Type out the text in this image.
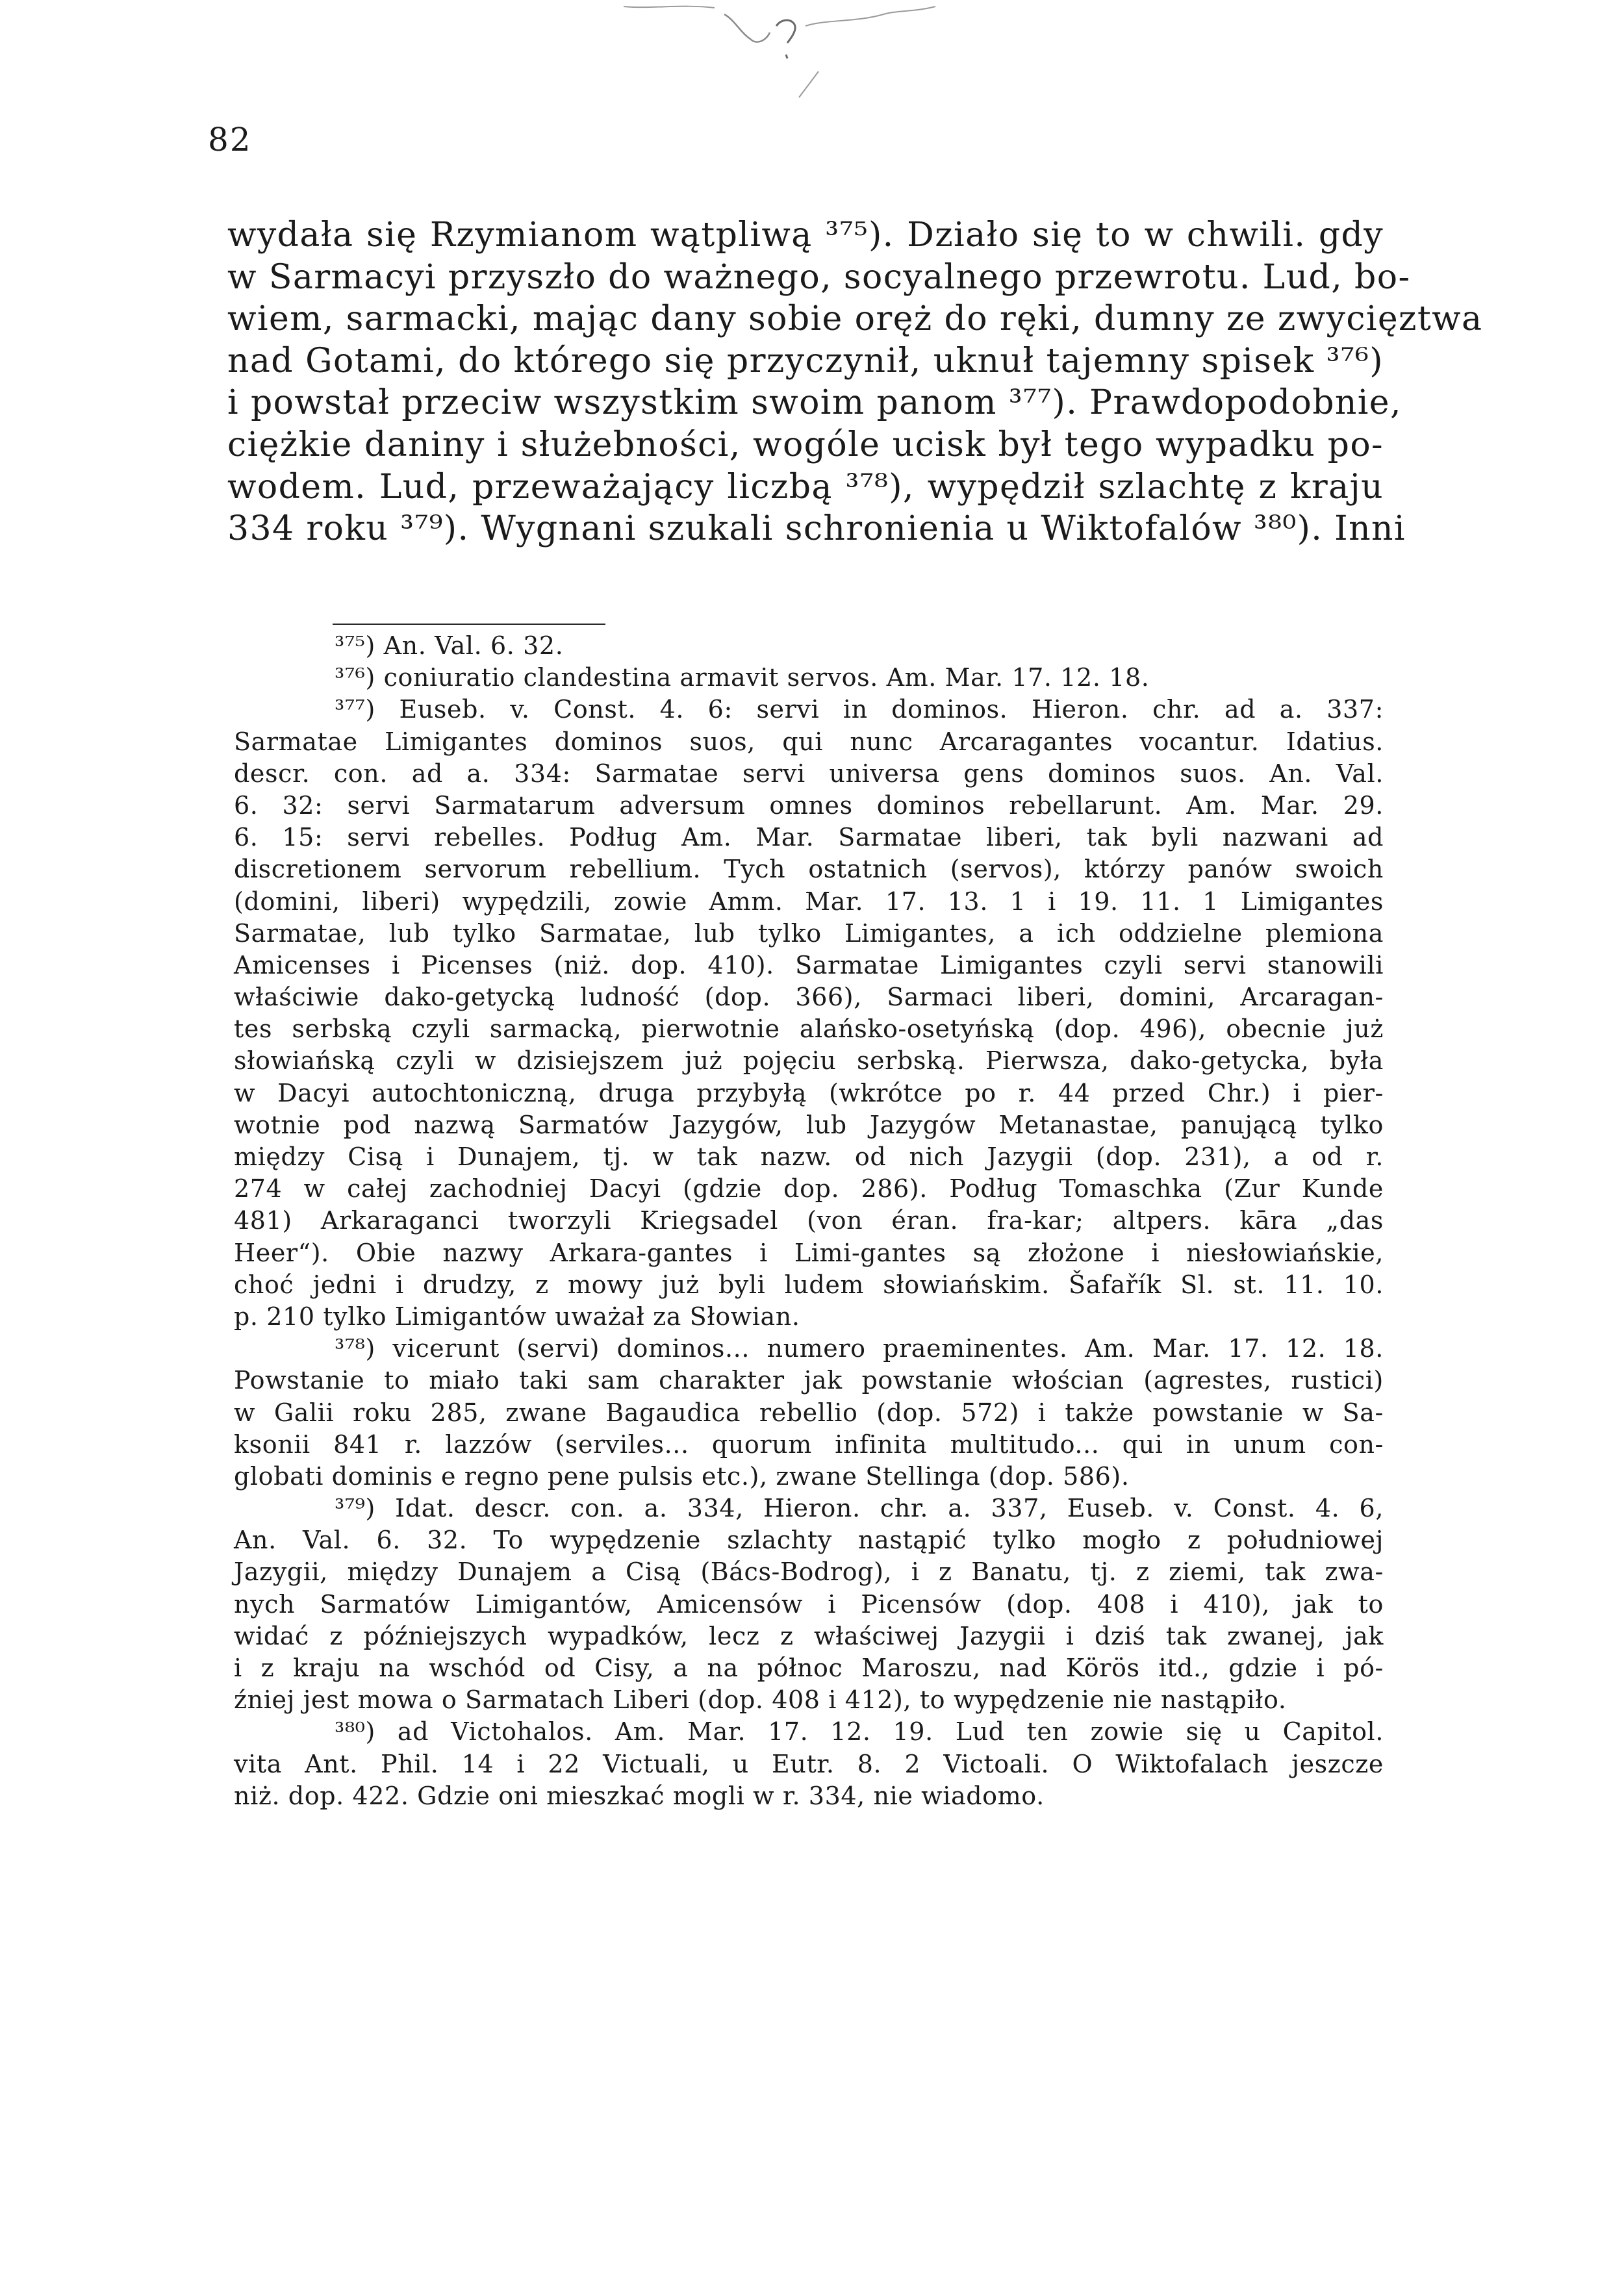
82
wydała się Rzymianom wątpliwą ³⁷⁵). Działo się to w chwili. gdy
w Sarmacyi przyszło do ważnego, socyalnego przewrotu. Lud, bo-
wiem, sarmacki, mając dany sobie oręż do ręki, dumny ze zwycięztwa
nad Gotami, do którego się przyczynił, uknuł tajemny spisek ³⁷⁶)
i powstał przeciw wszystkim swoim panom ³⁷⁷). Prawdopodobnie,
ciężkie daniny i służebności, wogóle ucisk był tego wypadku po-
wodem. Lud, przeważający liczbą ³⁷⁸), wypędził szlachtę z kraju
334 roku ³⁷⁹). Wygnani szukali schronienia u Wiktofalów ³⁸⁰). Inni
³⁷⁵) An. Val. 6. 32.
³⁷⁶) coniuratio clandestina armavit servos. Am. Mar. 17. 12. 18.
³⁷⁷) Euseb. v. Const. 4. 6: servi in dominos. Hieron. chr. ad a. 337:
Sarmatae Limigantes dominos suos, qui nunc Arcaragantes vocantur. Idatius.
descr. con. ad a. 334: Sarmatae servi universa gens dominos suos. An. Val.
6. 32: servi Sarmatarum adversum omnes dominos rebellarunt. Am. Mar. 29.
6. 15: servi rebelles. Podług Am. Mar. Sarmatae liberi, tak byli nazwani ad
discretionem servorum rebellium. Tych ostatnich (servos), którzy panów swoich
(domini, liberi) wypędzili, zowie Amm. Mar. 17. 13. 1 i 19. 11. 1 Limigantes
Sarmatae, lub tylko Sarmatae, lub tylko Limigantes, a ich oddzielne plemiona
Amicenses i Picenses (niż. dop. 410). Sarmatae Limigantes czyli servi stanowili
właściwie dako-getycką ludność (dop. 366), Sarmaci liberi, domini, Arcaragan-
tes serbską czyli sarmacką, pierwotnie alańsko-osetyńską (dop. 496), obecnie już
słowiańską czyli w dzisiejszem już pojęciu serbską. Pierwsza, dako-getycka, była
w Dacyi autochtoniczną, druga przybyłą (wkrótce po r. 44 przed Chr.) i pier-
wotnie pod nazwą Sarmatów Jazygów, lub Jazygów Metanastae, panującą tylko
między Cisą i Dunajem, tj. w tak nazw. od nich Jazygii (dop. 231), a od r.
274 w całej zachodniej Dacyi (gdzie dop. 286). Podług Tomaschka (Zur Kunde
481) Arkaraganci tworzyli Kriegsadel (von éran. fra-kar; altpers. kāra „das
Heer“). Obie nazwy Arkara-gantes i Limi-gantes są złożone i niesłowiańskie,
choć jedni i drudzy, z mowy już byli ludem słowiańskim. Šafařík Sl. st. 11. 10.
p. 210 tylko Limigantów uważał za Słowian.
³⁷⁸) vicerunt (servi) dominos... numero praeminentes. Am. Mar. 17. 12. 18.
Powstanie to miało taki sam charakter jak powstanie włościan (agrestes, rustici)
w Galii roku 285, zwane Bagaudica rebellio (dop. 572) i także powstanie w Sa-
ksonii 841 r. lazzów (serviles... quorum infinita multitudo... qui in unum con-
globati dominis e regno pene pulsis etc.), zwane Stellinga (dop. 586).
³⁷⁹) Idat. descr. con. a. 334, Hieron. chr. a. 337, Euseb. v. Const. 4. 6,
An. Val. 6. 32. To wypędzenie szlachty nastąpić tylko mogło z południowej
Jazygii, między Dunajem a Cisą (Bács-Bodrog), i z Banatu, tj. z ziemi, tak zwa-
nych Sarmatów Limigantów, Amicensów i Picensów (dop. 408 i 410), jak to
widać z późniejszych wypadków, lecz z właściwej Jazygii i dziś tak zwanej, jak
i z kraju na wschód od Cisy, a na północ Maroszu, nad Körös itd., gdzie i pó-
źniej jest mowa o Sarmatach Liberi (dop. 408 i 412), to wypędzenie nie nastąpiło.
³⁸⁰) ad Victohalos. Am. Mar. 17. 12. 19. Lud ten zowie się u Capitol.
vita Ant. Phil. 14 i 22 Victuali, u Eutr. 8. 2 Victoali. O Wiktofalach jeszcze
niż. dop. 422. Gdzie oni mieszkać mogli w r. 334, nie wiadomo.
